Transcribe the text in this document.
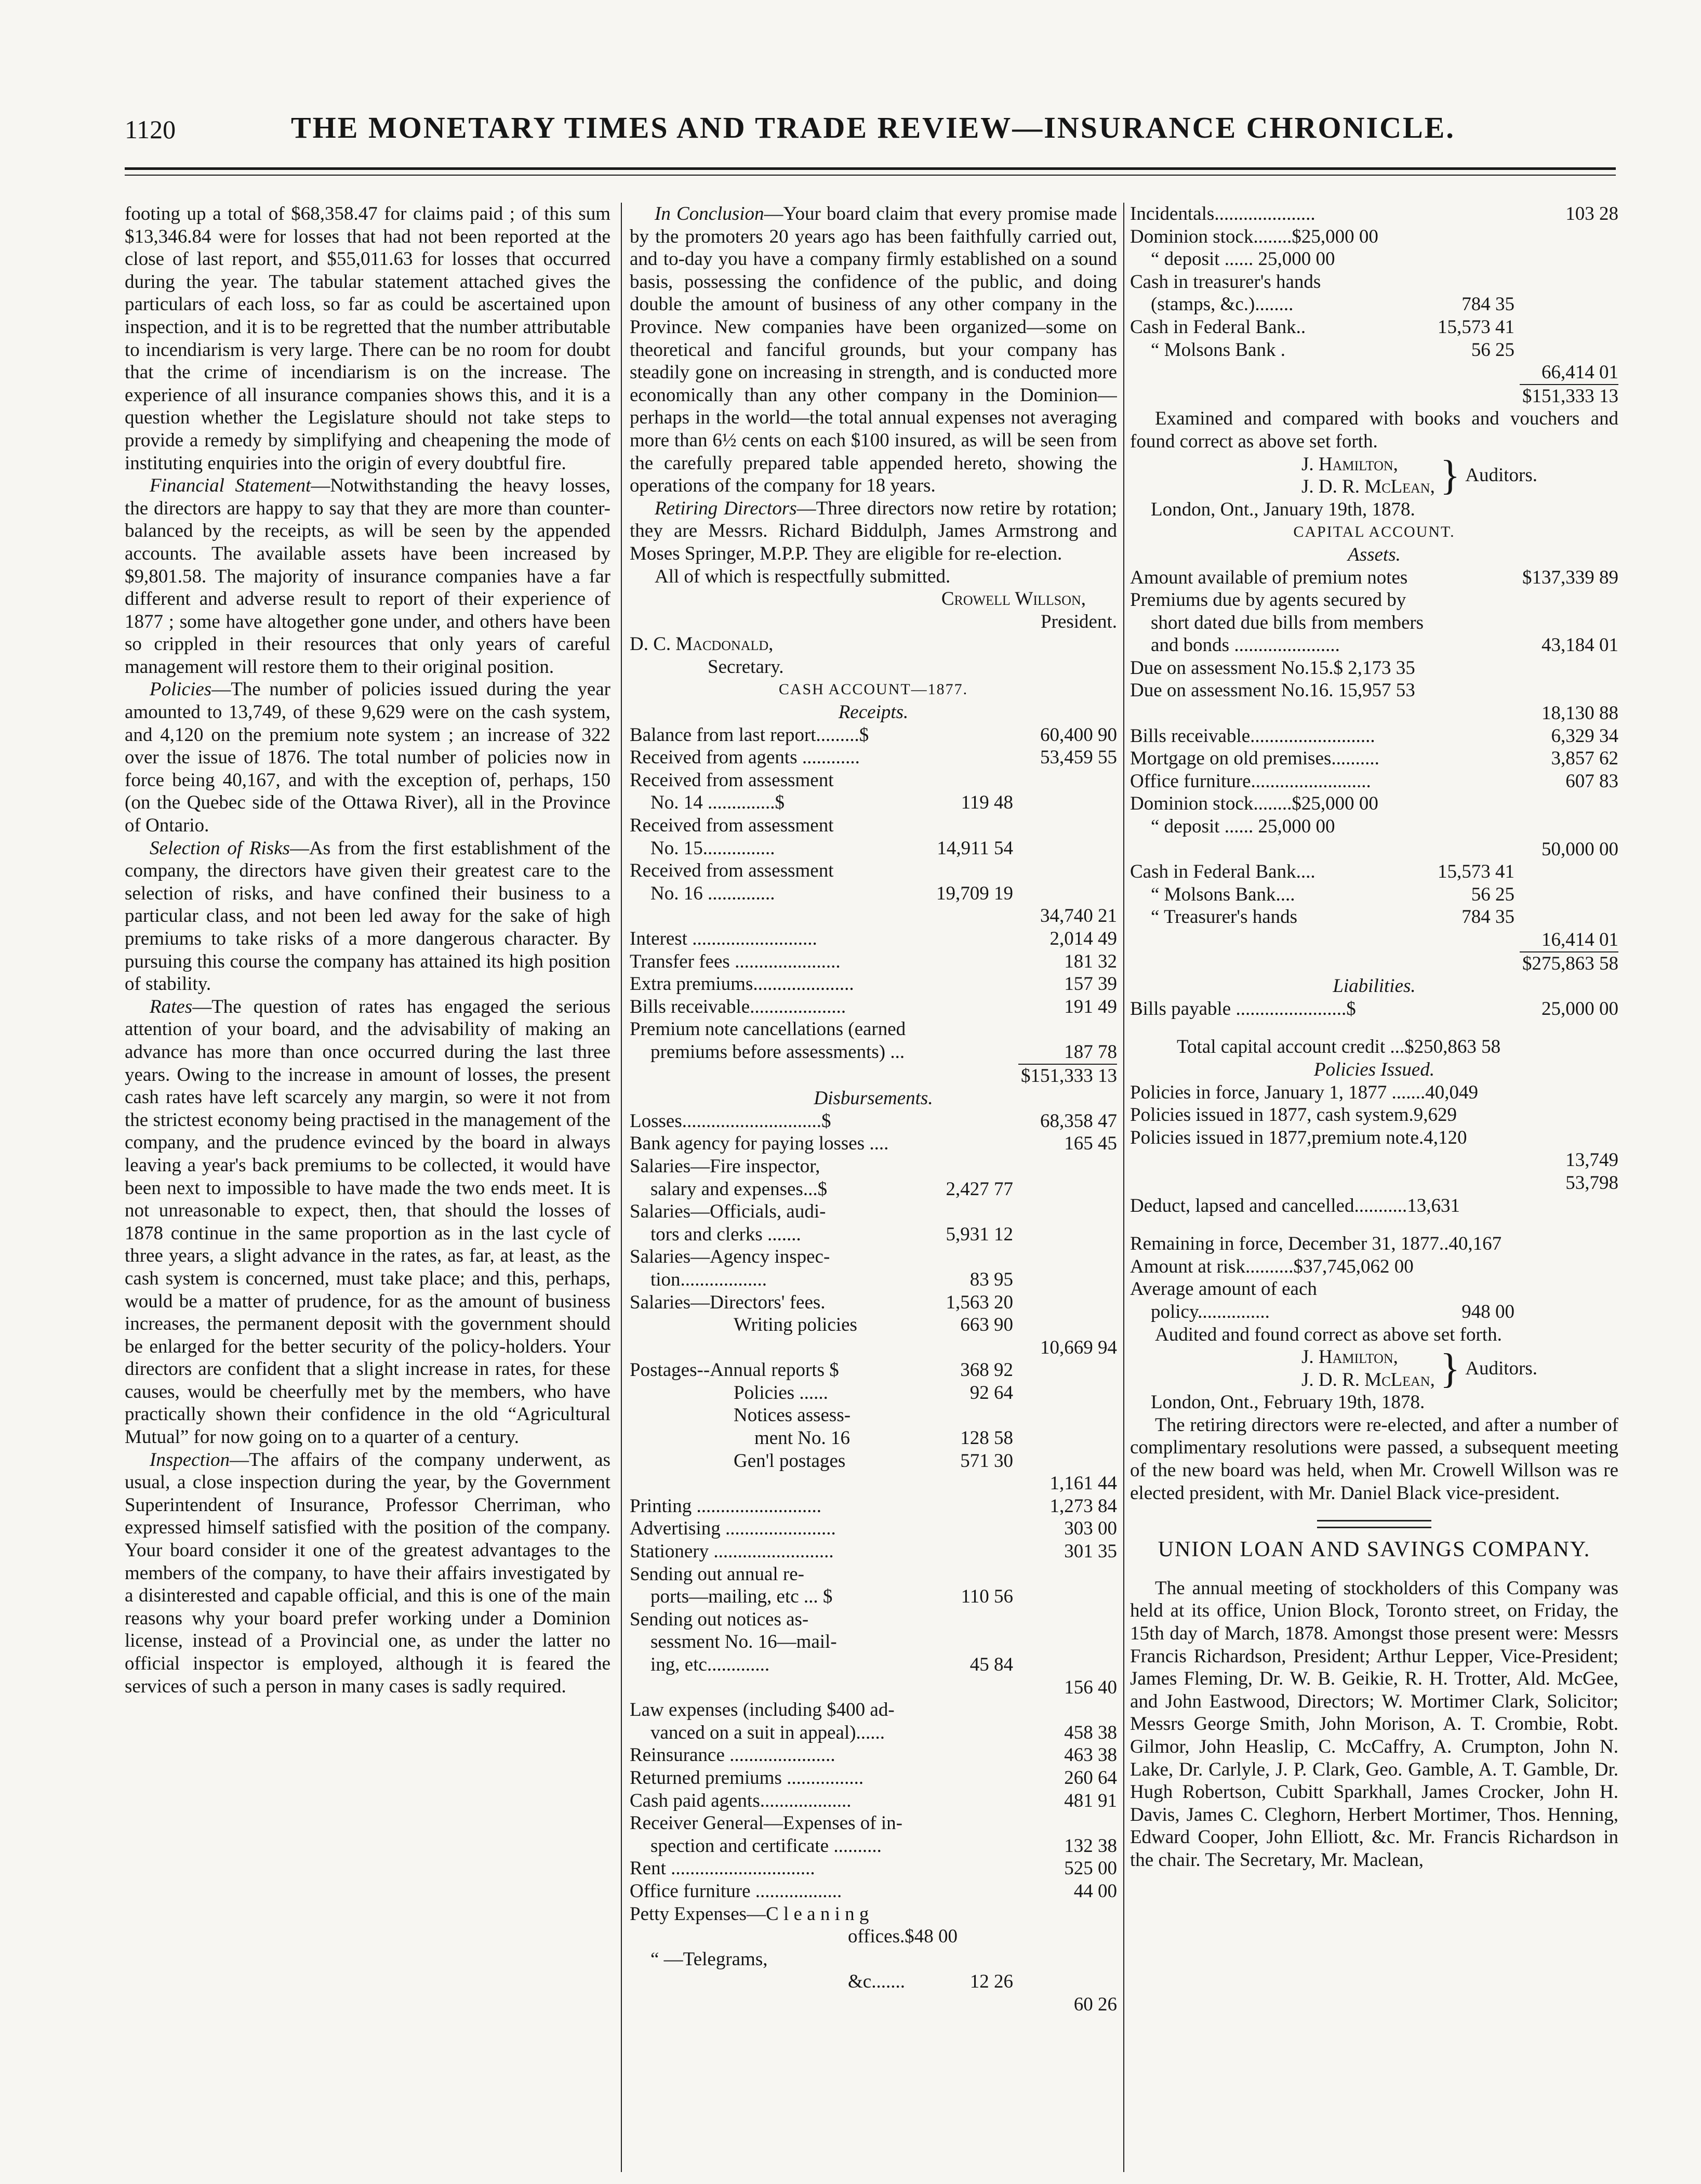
1120	THE MONETARY TIMES AND TRADE REVIEW—INSURANCE CHRONICLE.

footing up a total of $68,358.47 for claims paid ; of this sum $13,346.84 were for losses that had not been reported at the close of last report, and $55,011.63 for losses that occurred during the year. The tabular statement attached gives the particulars of each loss, so far as could be ascertained upon inspection, and it is to be regretted that the number attributable to incendiarism is very large. There can be no room for doubt that the crime of incendiarism is on the increase. The experience of all insurance companies shows this, and it is a question whether the Legislature should not take steps to provide a remedy by simplifying and cheapening the mode of instituting enquiries into the origin of every doubtful fire.

Financial Statement—Notwithstanding the heavy losses, the directors are happy to say that they are more than counter-balanced by the receipts, as will be seen by the appended accounts. The available assets have been increased by $9,801.58. The majority of insurance companies have a far different and adverse result to report of their experience of 1877 ; some have altogether gone under, and others have been so crippled in their resources that only years of careful management will restore them to their original position.

Policies—The number of policies issued during the year amounted to 13,749, of these 9,629 were on the cash system, and 4,120 on the premium note system ; an increase of 322 over the issue of 1876. The total number of policies now in force being 40,167, and with the exception of, perhaps, 150 (on the Quebec side of the Ottawa River), all in the Province of Ontario.

Selection of Risks—As from the first establishment of the company, the directors have given their greatest care to the selection of risks, and have confined their business to a particular class, and not been led away for the sake of high premiums to take risks of a more dangerous character. By pursuing this course the company has attained its high position of stability.

Rates—The question of rates has engaged the serious attention of your board, and the advisability of making an advance has more than once occurred during the last three years. Owing to the increase in amount of losses, the present cash rates have left scarcely any margin, so were it not from the strictest economy being practised in the management of the company, and the prudence evinced by the board in always leaving a year's back premiums to be collected, it would have been next to impossible to have made the two ends meet. It is not unreasonable to expect, then, that should the losses of 1878 continue in the same proportion as in the last cycle of three years, a slight advance in the rates, as far, at least, as the cash system is concerned, must take place; and this, perhaps, would be a matter of prudence, for as the amount of business increases, the permanent deposit with the government should be enlarged for the better security of the policy-holders. Your directors are confident that a slight increase in rates, for these causes, would be cheerfully met by the members, who have practically shown their confidence in the old “Agricultural Mutual” for now going on to a quarter of a century.

Inspection—The affairs of the company underwent, as usual, a close inspection during the year, by the Government Superintendent of Insurance, Professor Cherriman, who expressed himself satisfied with the position of the company. Your board consider it one of the greatest advantages to the members of the company, to have their affairs investigated by a disinterested and capable official, and this is one of the main reasons why your board prefer working under a Dominion license, instead of a Provincial one, as under the latter no official inspector is employed, although it is feared the services of such a person in many cases is sadly required.

In Conclusion—Your board claim that every promise made by the promoters 20 years ago has been faithfully carried out, and to-day you have a company firmly established on a sound basis, possessing the confidence of the public, and doing double the amount of business of any other company in the Province. New companies have been organized—some on theoretical and fanciful grounds, but your company has steadily gone on increasing in strength, and is conducted more economically than any other company in the Dominion—perhaps in the world—the total annual expenses not averaging more than 6½ cents on each $100 insured, as will be seen from the carefully prepared table appended hereto, showing the operations of the company for 18 years.

Retiring Directors—Three directors now retire by rotation; they are Messrs. Richard Biddulph, James Armstrong and Moses Springer, M.P.P. They are eligible for re-election.

All of which is respectfully submitted.

Crowell Willson,
President.
D. C. Macdonald,
Secretary.
CASH ACCOUNT—1877.
Receipts.
Balance from last report.........$	60,400 90
Received from agents ............	53,459 55
Received from assessment
No. 14 ..............$	119 48
Received from assessment
No. 15...............	14,911 54
Received from assessment
No. 16 ..............	19,709 19
34,740 21
Interest ..........................	2,014 49
Transfer fees ......................	181 32
Extra premiums.....................	157 39
Bills receivable....................	191 49
Premium note cancellations (earned
premiums before assessments) ...	187 78
$151,333 13
Disbursements.
Losses.............................$	68,358 47
Bank agency for paying losses ....	165 45
Salaries—Fire inspector,
salary and expenses...$	2,427 77
Salaries—Officials, audi-
tors and clerks .......	5,931 12
Salaries—Agency inspec-
tion..................	83 95
Salaries—Directors' fees.	1,563 20
Writing policies	663 90
10,669 94
Postages--Annual reports $	368 92
Policies ......	92 64
Notices assess-
ment No. 16	128 58
Gen'l postages	571 30
1,161 44
Printing ..........................	1,273 84
Advertising .......................	303 00
Stationery .........................	301 35
Sending out annual re-
ports—mailing, etc ... $	110 56
Sending out notices as-
sessment No. 16—mail-
ing, etc.............	45 84
156 40
Law expenses (including $400 ad-
vanced on a suit in appeal)......	458 38
Reinsurance ......................	463 38
Returned premiums ................	260 64
Cash paid agents...................	481 91
Receiver General—Expenses of in-
spection and certificate ..........	132 38
Rent ..............................	525 00
Office furniture ..................	44 00
Petty Expenses—C l e a n i n g
offices.$48 00
“ —Telegrams,
&c.......	12 26
60 26
Incidentals.....................	103 28
Dominion stock........$25,000 00
“ deposit ...... 25,000 00
Cash in treasurer's hands
(stamps, &c.)........	784 35
Cash in Federal Bank..	15,573 41
“ Molsons Bank .	56 25
66,414 01
$151,333 13

Examined and compared with books and vouchers and found correct as above set forth.

J. Hamilton,
J. D. R. McLean, } Auditors.
London, Ont., January 19th, 1878.
CAPITAL ACCOUNT.
Assets.
Amount available of premium notes	$137,339 89
Premiums due by agents secured by
short dated due bills from members
and bonds ......................	43,184 01
Due on assessment No.15.$ 2,173 35
Due on assessment No.16. 15,957 53
18,130 88
Bills receivable..........................	6,329 34
Mortgage on old premises..........	3,857 62
Office furniture.........................	607 83
Dominion stock........$25,000 00
“ deposit ...... 25,000 00
50,000 00
Cash in Federal Bank....	15,573 41
“ Molsons Bank....	56 25
“ Treasurer's hands	784 35
16,414 01
$275,863 58
Liabilities.
Bills payable .......................$	25,000 00
Total capital account credit ...$250,863 58
Policies Issued.
Policies in force, January 1, 1877 .......40,049
Policies issued in 1877, cash system.9,629
Policies issued in 1877,premium note.4,120
13,749
53,798
Deduct, lapsed and cancelled...........13,631
Remaining in force, December 31, 1877..40,167
Amount at risk..........$37,745,062 00
Average amount of each
policy...............	948 00

Audited and found correct as above set forth.

J. Hamilton,
J. D. R. McLean, } Auditors.
London, Ont., February 19th, 1878.

The retiring directors were re-elected, and after a number of complimentary resolutions were passed, a subsequent meeting of the new board was held, when Mr. Crowell Willson was re elected president, with Mr. Daniel Black vice-president.

UNION LOAN AND SAVINGS COMPANY.

The annual meeting of stockholders of this Company was held at its office, Union Block, Toronto street, on Friday, the 15th day of March, 1878. Amongst those present were: Messrs Francis Richardson, President; Arthur Lepper, Vice-President; James Fleming, Dr. W. B. Geikie, R. H. Trotter, Ald. McGee, and John Eastwood, Directors; W. Mortimer Clark, Solicitor; Messrs George Smith, John Morison, A. T. Crombie, Robt. Gilmor, John Heaslip, C. McCaffry, A. Crumpton, John N. Lake, Dr. Carlyle, J. P. Clark, Geo. Gamble, A. T. Gamble, Dr. Hugh Robertson, Cubitt Sparkhall, James Crocker, John H. Davis, James C. Cleghorn, Herbert Mortimer, Thos. Henning, Edward Cooper, John Elliott, &c. Mr. Francis Richardson in the chair. The Secretary, Mr. Maclean,
